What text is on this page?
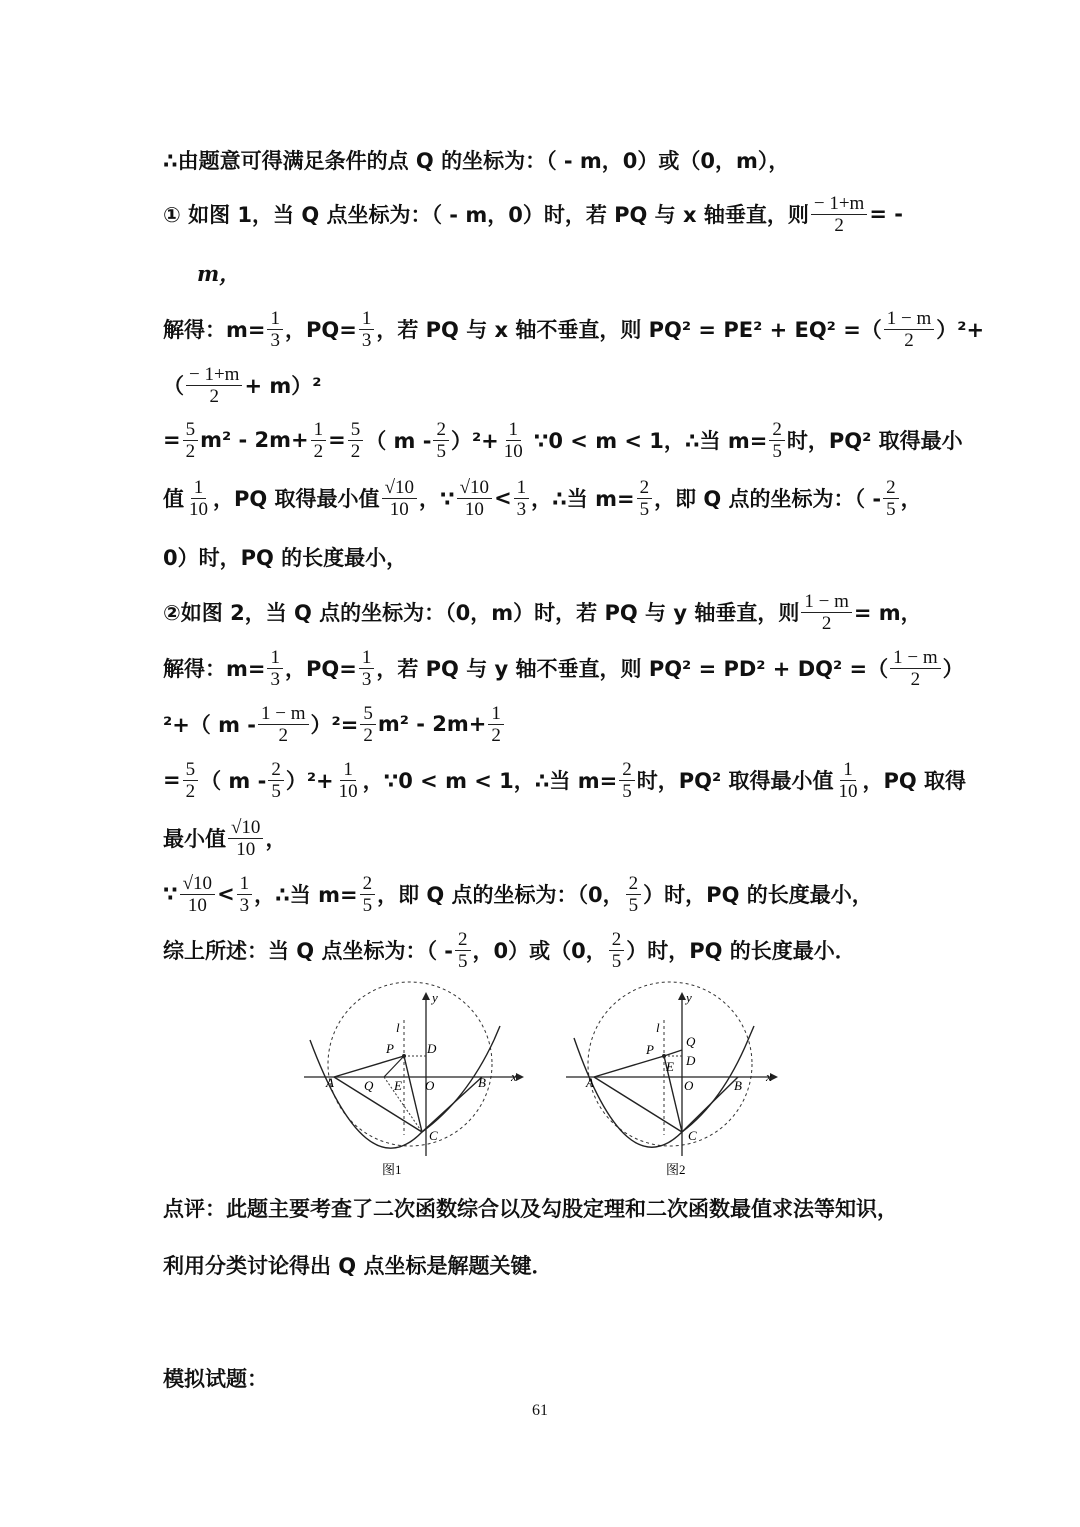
∴由题意可得满足条件的点 Q 的坐标为：（ - m，0）或（0，m），
① 如图 1，当 Q 点坐标为：（ - m，0）时，若 PQ 与 x 轴垂直，则 $\frac{- 1+m}{2}$ = -
m，
解得：$m= \frac{1}{3}$ ，$PQ= \frac{1}{3}$ ，若 PQ 与 x 轴不垂直，则 PQ² = PE² + EQ² =（ 1 − m
2 ）²+
（ − 1+m
2 + m）²
= $\frac{5}{2} m^2 - 2m+ \frac{1}{2} = \frac{5}{2}$ （ m - 2
5 ）$^2+ \frac{1}{10}$ ∵0 < m < 1，∴当 $m= \frac{2}{5}$ 时，PQ² 取得最小
值 1
10 ，PQ 取得最小值 √10
10 ，∵ √10
10 < 1
3 ，∴当 $m= \frac{2}{5}$ ，即 Q 点的坐标为：（ - 2
5 ，
0）时，PQ 的长度最小，
②如图 2，当 Q 点的坐标为：（0，m）时，若 PQ 与 y 轴垂直，则 $\frac{1 - m}{2} = m$，
解得：$m= \frac{1}{3}$ ，$PQ= \frac{1}{3}$ ，若 PQ 与 y 轴不垂直，则 PQ² = PD² + DQ² =（ 1 − m
2 ）
²+（ m - 1 − m
2 ）$^2= \frac{5}{2} m^2 - 2m+ \frac{1}{2}$
= $\frac{5}{2}$ （ m - 2
5 ）$^2+ \frac{1}{10}$ ，∵0 < m < 1，∴当 $m= \frac{2}{5}$ 时，PQ² 取得最小值 1
10 ，PQ 取得
最小值 √10
10 ，
∵ √10
10 < 1
3 ，∴当 $m= \frac{2}{5}$ ，即 Q 点的坐标为：（0， 2
5 ）时，PQ 的长度最小，
综上所述：当 Q 点坐标为：（ - 2
5 ，0）或（0， 2
5 ）时，PQ 的长度最小．
y
x
l
P	D
A Q E O	B
C
图1
y
x
l
P
Q
E D
A	O	B
C
图2
点评：此题主要考查了二次函数综合以及勾股定理和二次函数最值求法等知识，
利用分类讨论得出 Q 点坐标是解题关键．
模拟试题：
61
